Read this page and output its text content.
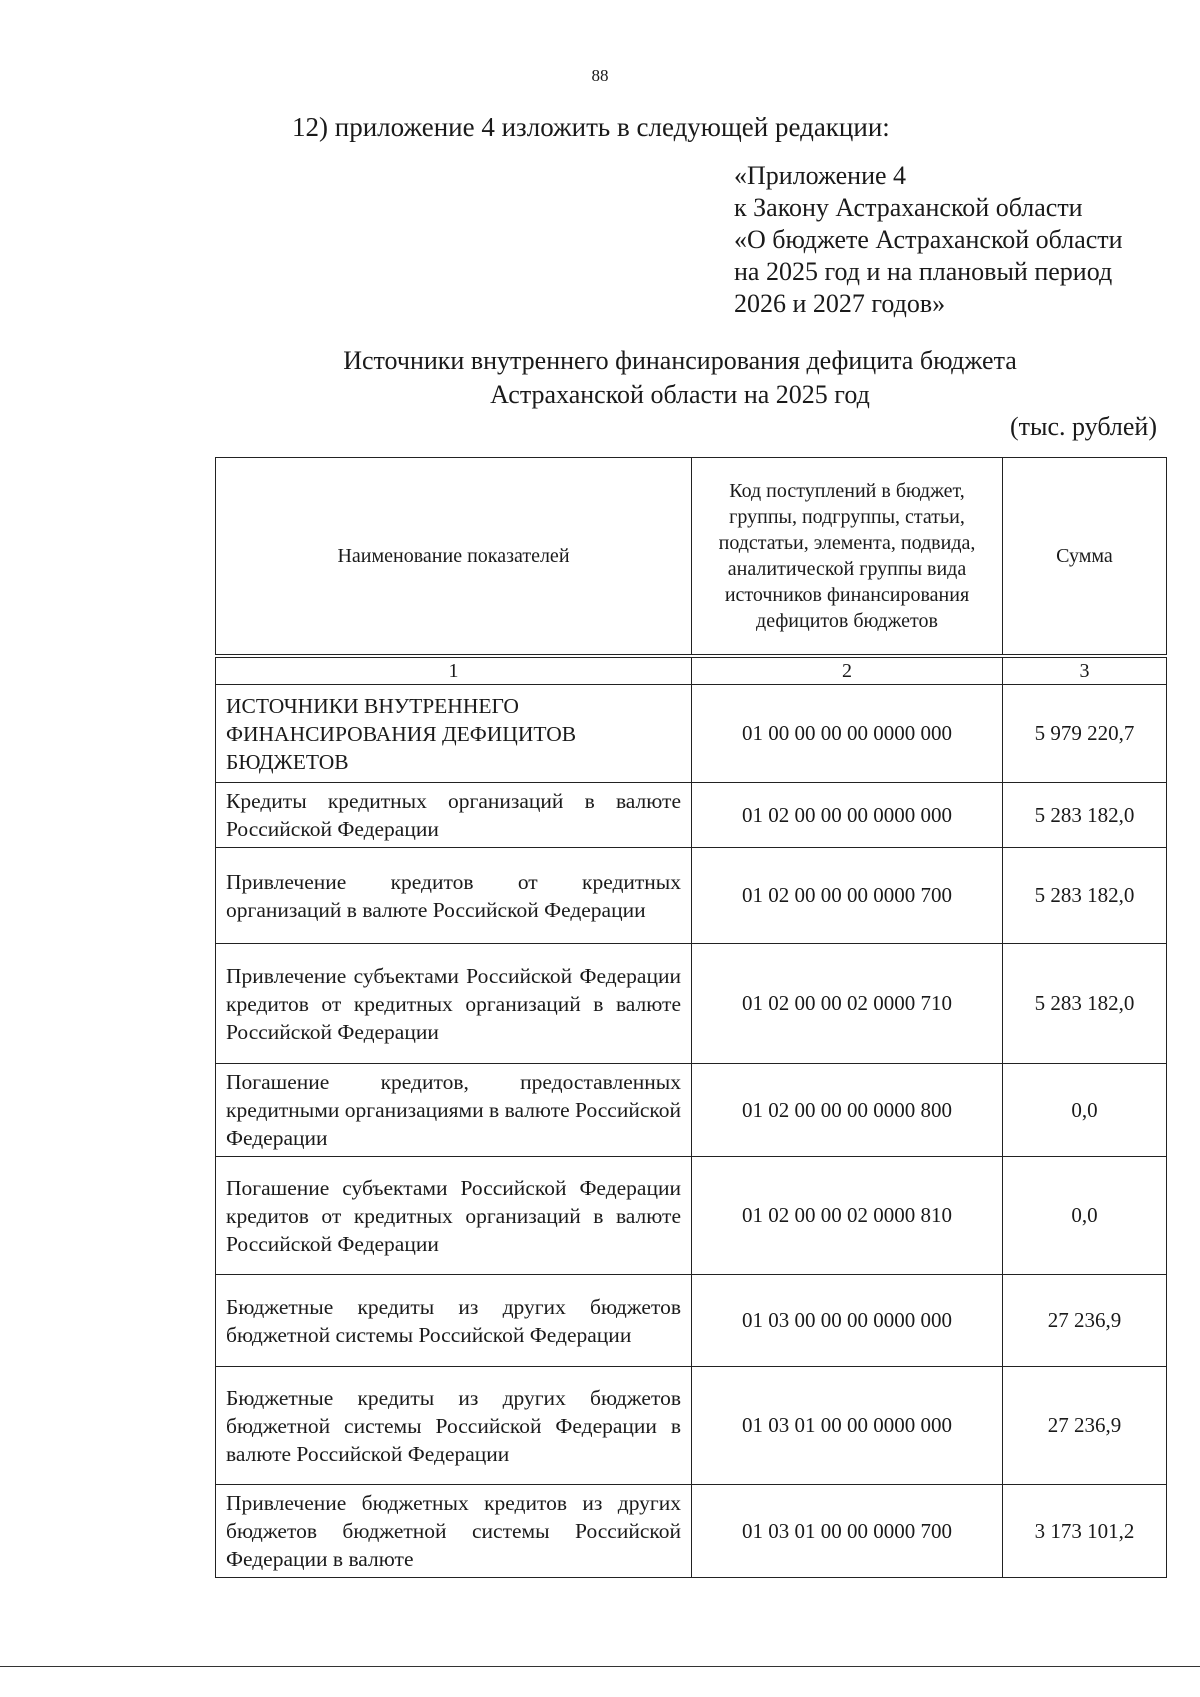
88
12) приложение 4 изложить в следующей редакции:
«Приложение 4
к Закону Астраханской области
«О бюджете Астраханской области
на 2025 год и на плановый период
2026 и 2027 годов»
Источники внутреннего финансирования дефицита бюджета
Астраханской области на 2025 год
(тыс. рублей)
Наименование показателей	Код поступлений в бюджет, группы, подгруппы, статьи, подстатьи, элемента, подвида, аналитической группы вида источников финансирования дефицитов бюджетов	Сумма
1	2	3
ИСТОЧНИКИ ВНУТРЕННЕГО ФИНАНСИРОВАНИЯ ДЕФИЦИТОВ БЮДЖЕТОВ	01 00 00 00 00 0000 000	5 979 220,7
Кредиты кредитных организаций в валюте Российской Федерации	01 02 00 00 00 0000 000	5 283 182,0
Привлечение кредитов от кредитных организаций в валюте Российской Федерации	01 02 00 00 00 0000 700	5 283 182,0
Привлечение субъектами Российской Федерации кредитов от кредитных организаций в валюте Российской Федерации	01 02 00 00 02 0000 710	5 283 182,0
Погашение кредитов, предоставленных кредитными организациями в валюте Российской Федерации	01 02 00 00 00 0000 800	0,0
Погашение субъектами Российской Федерации кредитов от кредитных организаций в валюте Российской Федерации	01 02 00 00 02 0000 810	0,0
Бюджетные кредиты из других бюджетов бюджетной системы Российской Федерации	01 03 00 00 00 0000 000	27 236,9
Бюджетные кредиты из других бюджетов бюджетной системы Российской Федерации в валюте Российской Федерации	01 03 01 00 00 0000 000	27 236,9
Привлечение бюджетных кредитов из других бюджетов бюджетной системы Российской Федерации в валюте	01 03 01 00 00 0000 700	3 173 101,2
